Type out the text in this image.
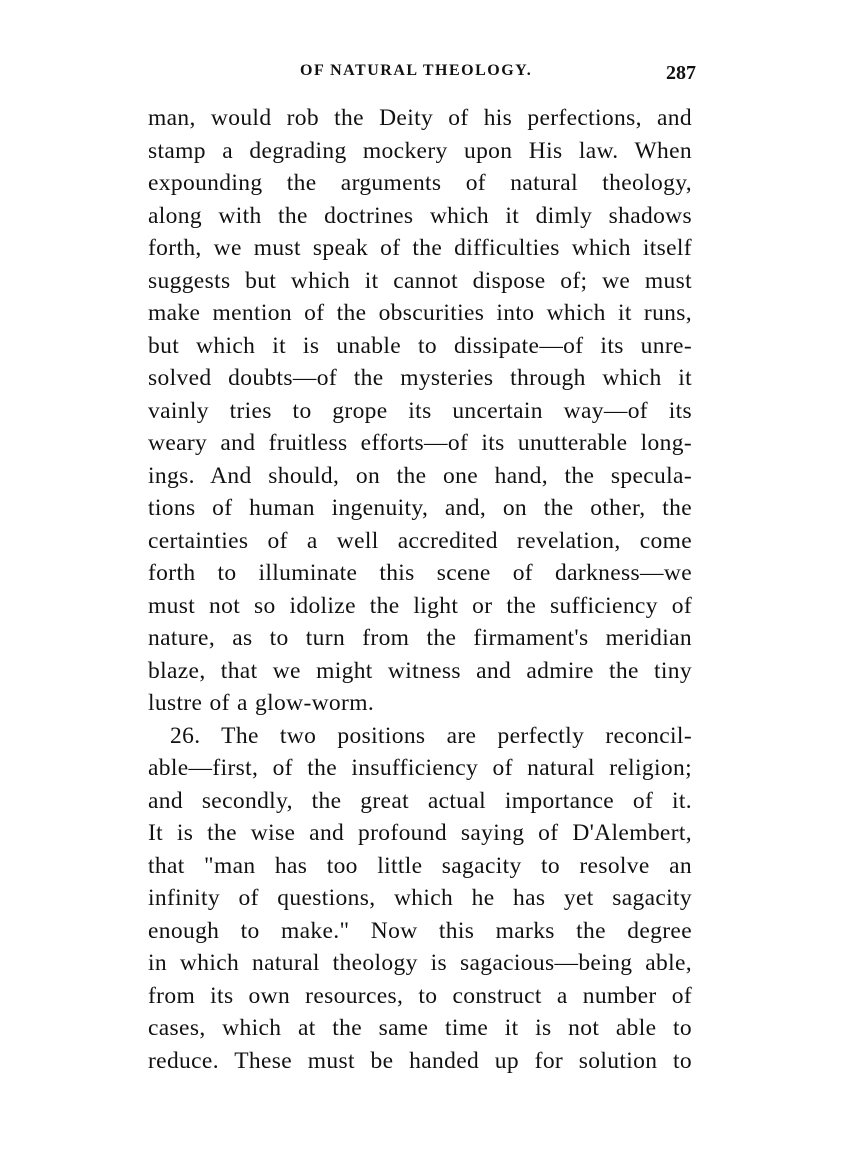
OF NATURAL THEOLOGY.	287
man, would rob the Deity of his perfections, and
stamp a degrading mockery upon His law. When
expounding the arguments of natural theology,
along with the doctrines which it dimly shadows
forth, we must speak of the difficulties which itself
suggests but which it cannot dispose of; we must
make mention of the obscurities into which it runs,
but which it is unable to dissipate—of its unre-
solved doubts—of the mysteries through which it
vainly tries to grope its uncertain way—of its
weary and fruitless efforts—of its unutterable long-
ings. And should, on the one hand, the specula-
tions of human ingenuity, and, on the other, the
certainties of a well accredited revelation, come
forth to illuminate this scene of darkness—we
must not so idolize the light or the sufficiency of
nature, as to turn from the firmament's meridian
blaze, that we might witness and admire the tiny
lustre of a glow-worm.
26. The two positions are perfectly reconcil-
able—first, of the insufficiency of natural religion;
and secondly, the great actual importance of it.
It is the wise and profound saying of D'Alembert,
that "man has too little sagacity to resolve an
infinity of questions, which he has yet sagacity
enough to make." Now this marks the degree
in which natural theology is sagacious—being able,
from its own resources, to construct a number of
cases, which at the same time it is not able to
reduce. These must be handed up for solution to
